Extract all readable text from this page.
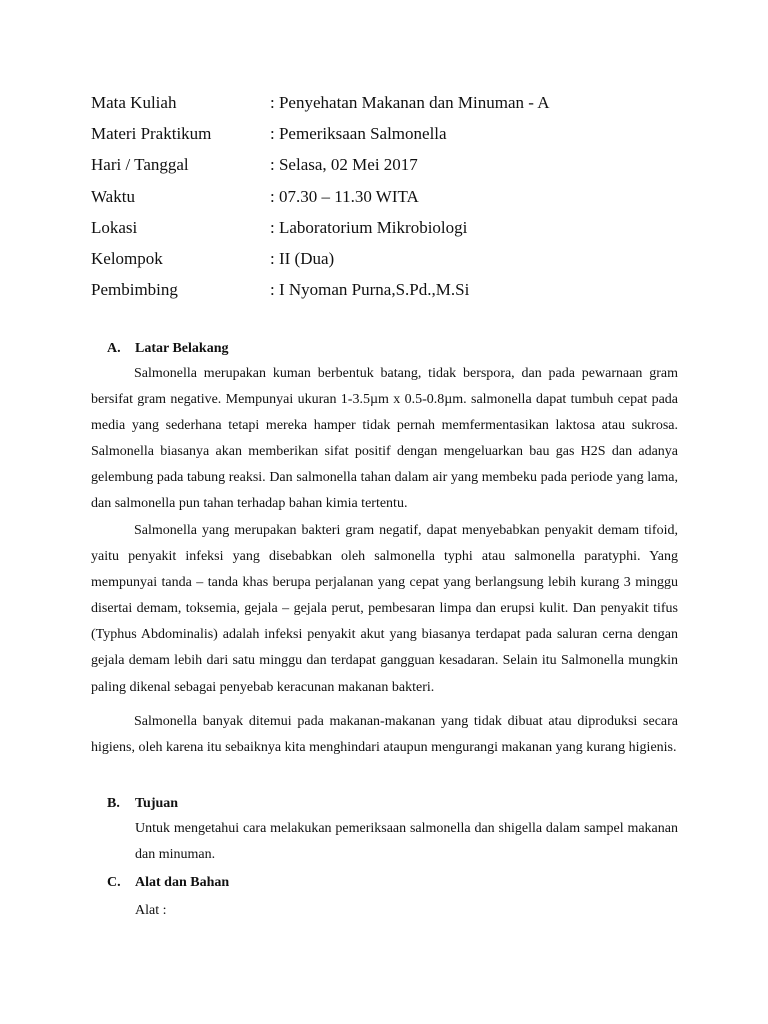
Mata Kuliah	: Penyehatan Makanan dan Minuman - A
Materi Praktikum	: Pemeriksaan Salmonella
Hari / Tanggal	: Selasa, 02 Mei 2017
Waktu	: 07.30 – 11.30 WITA
Lokasi	: Laboratorium Mikrobiologi
Kelompok	: II (Dua)
Pembimbing	: I Nyoman Purna,S.Pd.,M.Si
A. Latar Belakang
Salmonella merupakan kuman berbentuk batang, tidak berspora, dan pada pewarnaan gram bersifat gram negative. Mempunyai ukuran 1-3.5µm x 0.5-0.8µm. salmonella dapat tumbuh cepat pada media yang sederhana tetapi mereka hamper tidak pernah memfermentasikan laktosa atau sukrosa. Salmonella biasanya akan memberikan sifat positif dengan mengeluarkan bau gas H2S dan adanya gelembung pada tabung reaksi. Dan salmonella tahan dalam air yang membeku pada periode yang lama, dan salmonella pun tahan terhadap bahan kimia tertentu.
Salmonella yang merupakan bakteri gram negatif, dapat menyebabkan penyakit demam tifoid, yaitu penyakit infeksi yang disebabkan oleh salmonella typhi atau salmonella paratyphi. Yang mempunyai tanda – tanda khas berupa perjalanan yang cepat yang berlangsung lebih kurang 3 minggu disertai demam, toksemia, gejala – gejala perut, pembesaran limpa dan erupsi kulit. Dan penyakit tifus (Typhus Abdominalis) adalah infeksi penyakit akut yang biasanya terdapat pada saluran cerna dengan gejala demam lebih dari satu minggu dan terdapat gangguan kesadaran. Selain itu Salmonella mungkin paling dikenal sebagai penyebab keracunan makanan bakteri.
Salmonella banyak ditemui pada makanan-makanan yang tidak dibuat atau diproduksi secara higiens, oleh karena itu sebaiknya kita menghindari ataupun mengurangi makanan yang kurang higienis.
B. Tujuan
Untuk mengetahui cara melakukan pemeriksaan salmonella dan shigella dalam sampel makanan dan minuman.
C. Alat dan Bahan
Alat :
